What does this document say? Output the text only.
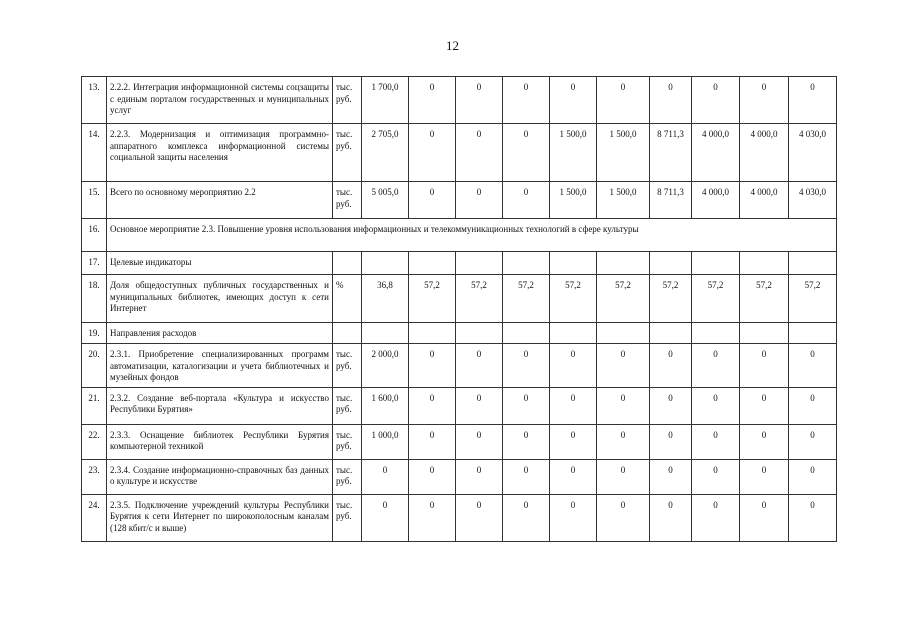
12
13.	2.2.2. Интеграция информационной системы соцзащиты с единым порталом государственных и муниципальных услуг	тыс. руб.	1 700,0	0	0	0	0	0	0	0	0	0
14.	2.2.3. Модернизация и оптимизация программно-аппаратного комплекса информационной системы социальной защиты населения	тыс. руб.	2 705,0	0	0	0	1 500,0	1 500,0	8 711,3	4 000,0	4 000,0	4 030,0
15.	Всего по основному мероприятию 2.2	тыс. руб.	5 005,0	0	0	0	1 500,0	1 500,0	8 711,3	4 000,0	4 000,0	4 030,0
16.	Основное мероприятие 2.3. Повышение уровня использования информационных и телекоммуникационных технологий в сфере культуры											
17.	Целевые индикаторы											
18.	Доля общедоступных публичных государственных и муниципальных библиотек, имеющих доступ к сети Интернет	%	36,8	57,2	57,2	57,2	57,2	57,2	57,2	57,2	57,2	57,2
19.	Направления расходов											
20.	2.3.1. Приобретение специализированных программ автоматизации, каталогизации и учета библиотечных и музейных фондов	тыс. руб.	2 000,0	0	0	0	0	0	0	0	0	0
21.	2.3.2. Создание веб-портала «Культура и искусство Республики Бурятия»	тыс. руб.	1 600,0	0	0	0	0	0	0	0	0	0
22.	2.3.3. Оснащение библиотек Республики Бурятия компьютерной техникой	тыс. руб.	1 000,0	0	0	0	0	0	0	0	0	0
23.	2.3.4. Создание информационно-справочных баз данных о культуре и искусстве	тыс. руб.	0	0	0	0	0	0	0	0	0	0
24.	2.3.5. Подключение учреждений культуры Республики Бурятия к сети Интернет по широкополосным каналам (128 кбит/с и выше)	тыс. руб.	0	0	0	0	0	0	0	0	0	0
